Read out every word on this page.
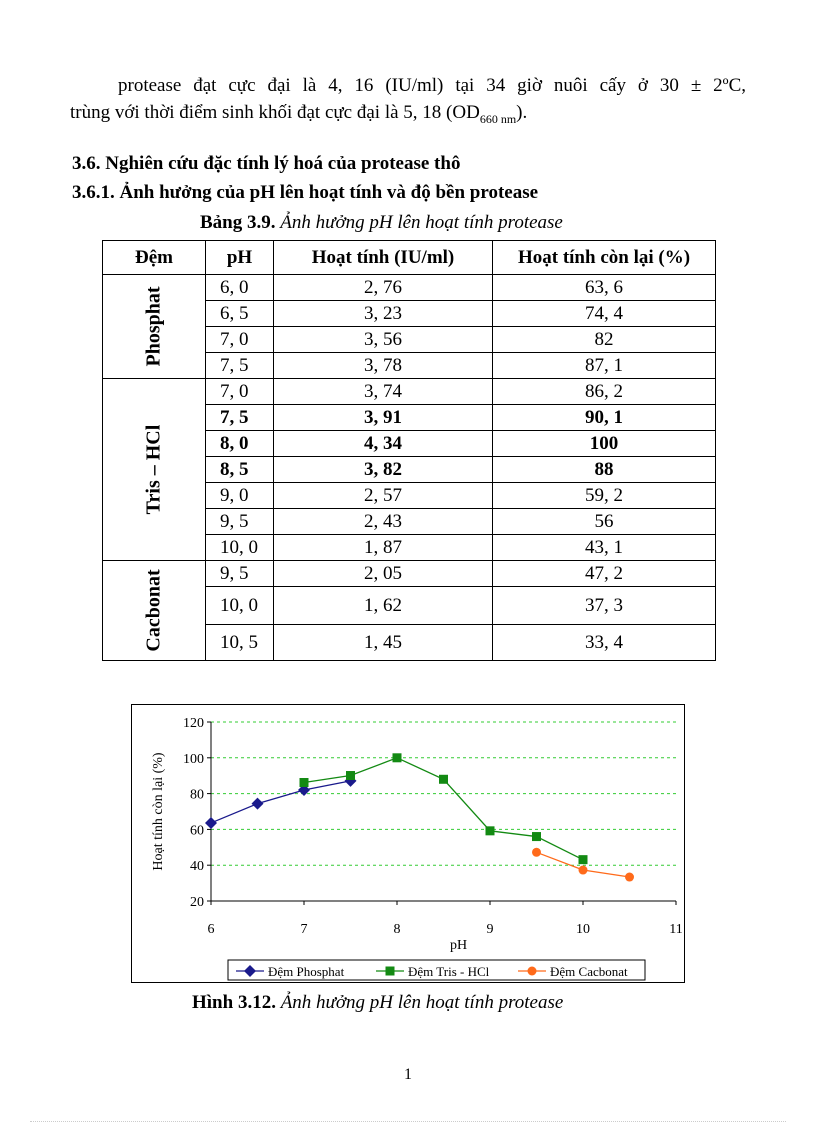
protease đạt cực đại là 4, 16 (IU/ml) tại 34 giờ nuôi cấy ở 30 ± 2ºC,
trùng với thời điểm sinh khối đạt cực đại là 5, 18 $(OD_{660 nm})$.
3.6. Nghiên cứu đặc tính lý hoá của protease thô
3.6.1. Ảnh hưởng của pH lên hoạt tính và độ bền protease
Bảng 3.9. Ảnh hưởng pH lên hoạt tính protease
Đệm	pH	Hoạt tính (IU/ml)	Hoạt tính còn lại (%)
Phosphat	6, 0	2, 76	63, 6
	6, 5	3, 23	74, 4
	7, 0	3, 56	82
	7, 5	3, 78	87, 1
Tris – HCl	7, 0	3, 74	86, 2
	7, 5	3, 91	90, 1
	8, 0	4, 34	100
	8, 5	3, 82	88
	9, 0	2, 57	59, 2
	9, 5	2, 43	56
	10, 0	1, 87	43, 1
Cacbonat	9, 5	2, 05	47, 2
	10, 0	1, 62	37, 3
	10, 5	1, 45	33, 4
20
40
60
80
100
120
6	7	8	9	10	11
pH
Hoạt tính còn lại (%)
Đệm Phosphat	Đệm Tris - HCl	Đệm Cacbonat
Hình 3.12. Ảnh hưởng pH lên hoạt tính protease
1
